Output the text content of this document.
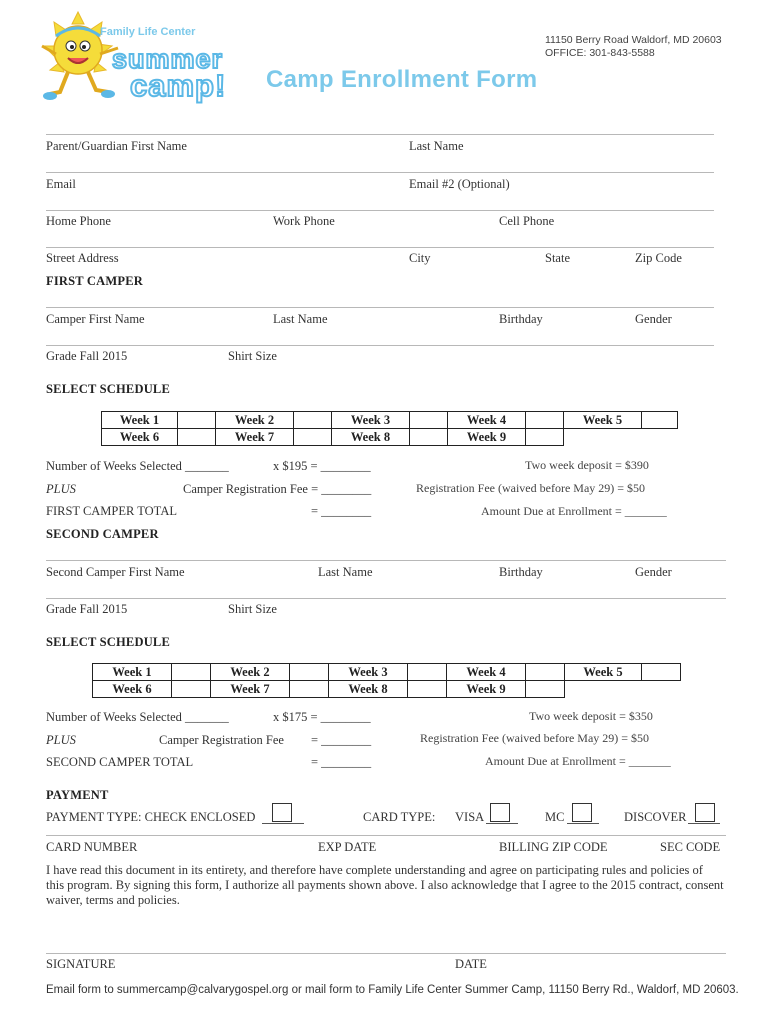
Family Life Center
summer
camp!
11150 Berry Road Waldorf, MD 20603
OFFICE: 301-843-5588
Camp Enrollment Form
Parent/Guardian First Name	Last Name
Email	Email #2 (Optional)
Home Phone	Work Phone	Cell Phone
Street Address	City	State	Zip Code
FIRST CAMPER
Camper First Name	Last Name	Birthday	Gender
Grade Fall 2015	Shirt Size
SELECT SCHEDULE
Week 1		Week 2		Week 3		Week 4		Week 5	
Week 6		Week 7		Week 8		Week 9			
Number of Weeks Selected _______	x $195 = ________	Two week deposit = $390
PLUS	Camper Registration Fee = ________	Registration Fee (waived before May 29) = $50
FIRST CAMPER TOTAL	= ________	Amount Due at Enrollment = _______
SECOND CAMPER
Second Camper First Name	Last Name	Birthday	Gender
Grade Fall 2015	Shirt Size
SELECT SCHEDULE
Week 1		Week 2		Week 3		Week 4		Week 5	
Week 6		Week 7		Week 8		Week 9			
Number of Weeks Selected _______	x $175 = ________	Two week deposit = $350
PLUS	Camper Registration Fee = ________	Registration Fee (waived before May 29) = $50
SECOND CAMPER TOTAL	= ________	Amount Due at Enrollment = _______
PAYMENT
PAYMENT TYPE: CHECK ENCLOSED	CARD TYPE: VISA	MC	DISCOVER
CARD NUMBER	EXP DATE	BILLING ZIP CODE	SEC CODE
I have read this document in its entirety, and therefore have complete understanding and agree on participating rules and policies of this program. By signing this form, I authorize all payments shown above. I also acknowledge that I agree to the 2015 contract, consent waiver, terms and policies.
SIGNATURE	DATE
Email form to summercamp@calvarygospel.org or mail form to Family Life Center Summer Camp, 11150 Berry Rd., Waldorf, MD 20603.
